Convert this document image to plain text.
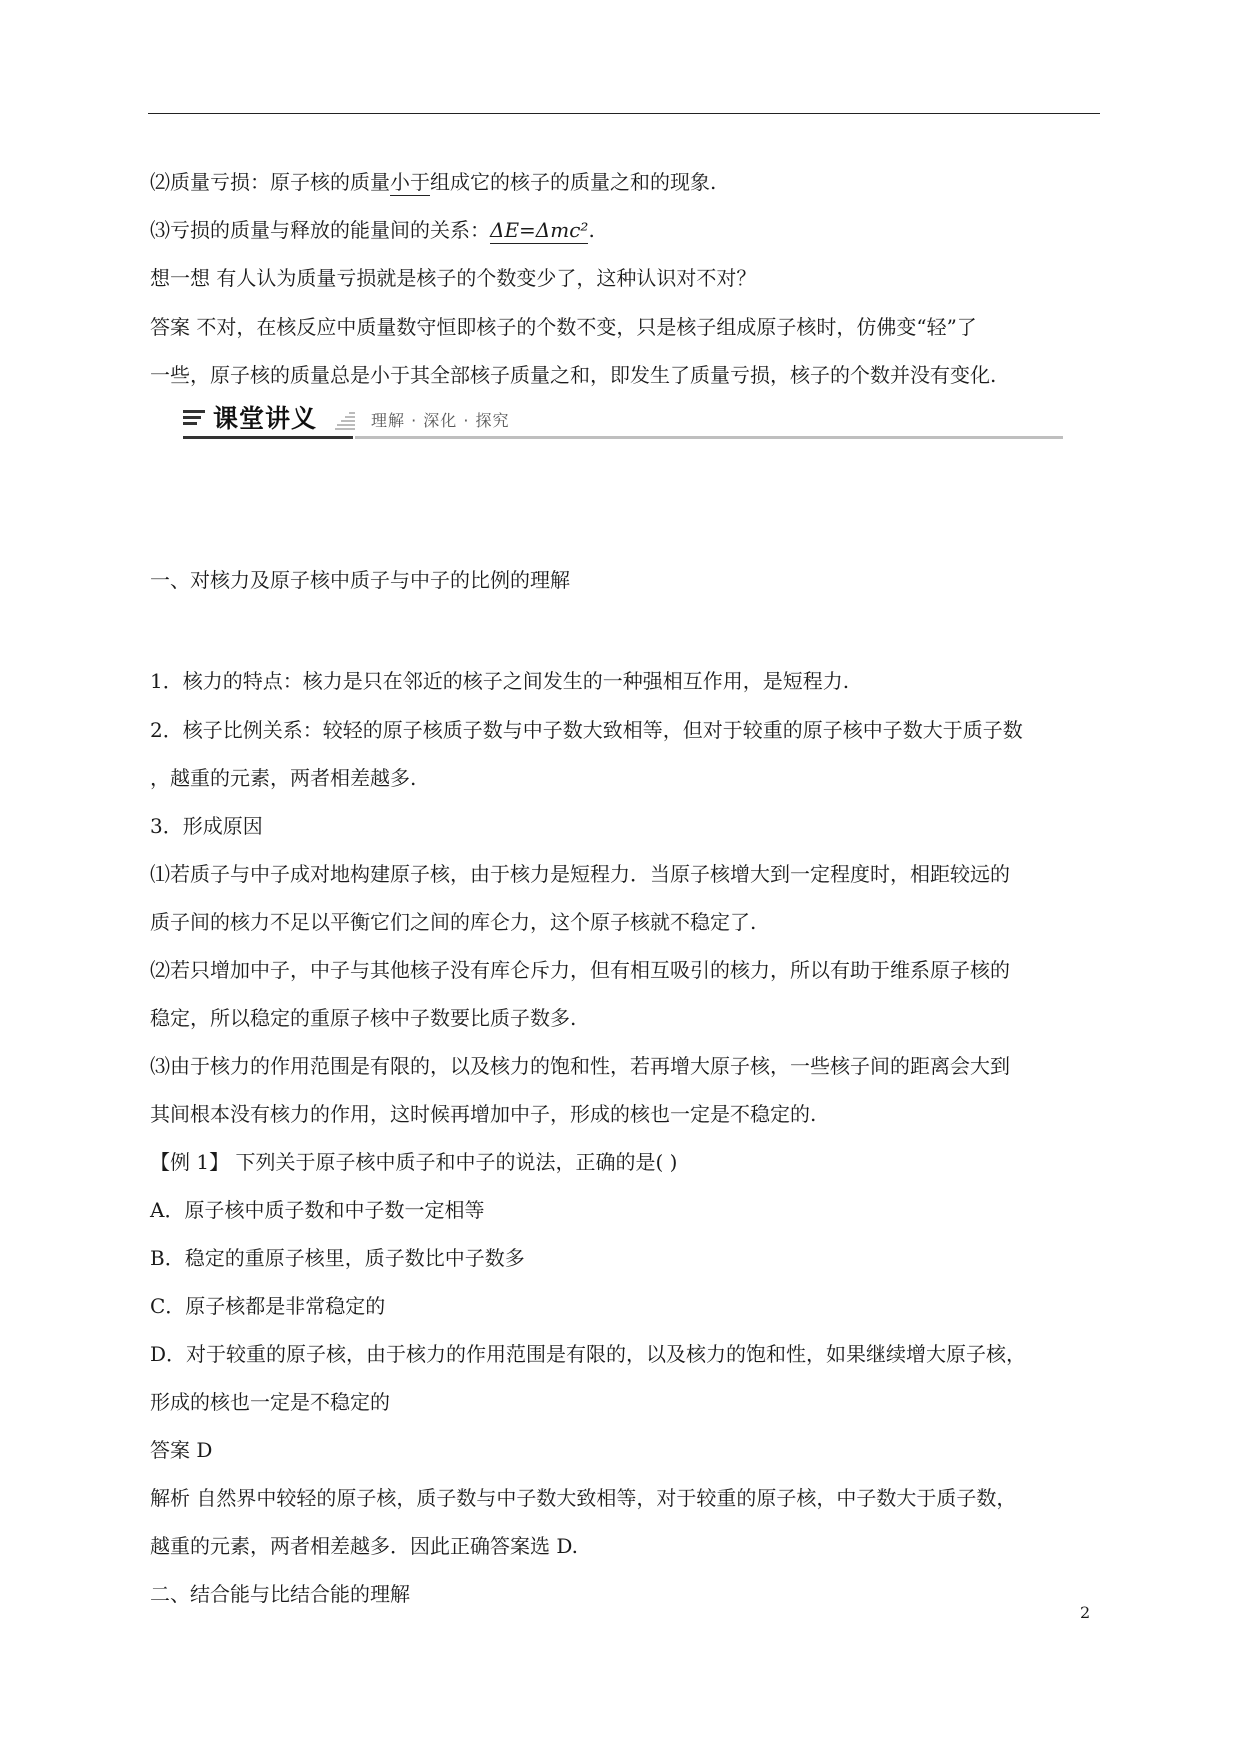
⑵质量亏损：原子核的质量小于组成它的核子的质量之和的现象.
⑶亏损的质量与释放的能量间的关系：ΔE=Δmc².
想一想 有人认为质量亏损就是核子的个数变少了，这种认识对不对？
答案 不对，在核反应中质量数守恒即核子的个数不变，只是核子组成原子核时，仿佛变“轻”了
一些，原子核的质量总是小于其全部核子质量之和，即发生了质量亏损，核子的个数并没有变化.
课堂讲义	理解 · 深化 · 探究
一、对核力及原子核中质子与中子的比例的理解
1．核力的特点：核力是只在邻近的核子之间发生的一种强相互作用，是短程力.
2．核子比例关系：较轻的原子核质子数与中子数大致相等，但对于较重的原子核中子数大于质子数
，越重的元素，两者相差越多.
3．形成原因
⑴若质子与中子成对地构建原子核，由于核力是短程力．当原子核增大到一定程度时，相距较远的
质子间的核力不足以平衡它们之间的库仑力，这个原子核就不稳定了.
⑵若只增加中子，中子与其他核子没有库仑斥力，但有相互吸引的核力，所以有助于维系原子核的
稳定，所以稳定的重原子核中子数要比质子数多.
⑶由于核力的作用范围是有限的，以及核力的饱和性，若再增大原子核，一些核子间的距离会大到
其间根本没有核力的作用，这时候再增加中子，形成的核也一定是不稳定的.
【例 1】 下列关于原子核中质子和中子的说法，正确的是( )
A．原子核中质子数和中子数一定相等
B．稳定的重原子核里，质子数比中子数多
C．原子核都是非常稳定的
D．对于较重的原子核，由于核力的作用范围是有限的，以及核力的饱和性，如果继续增大原子核，
形成的核也一定是不稳定的
答案 D
解析 自然界中较轻的原子核，质子数与中子数大致相等，对于较重的原子核，中子数大于质子数，
越重的元素，两者相差越多．因此正确答案选 D.
二、结合能与比结合能的理解
2
